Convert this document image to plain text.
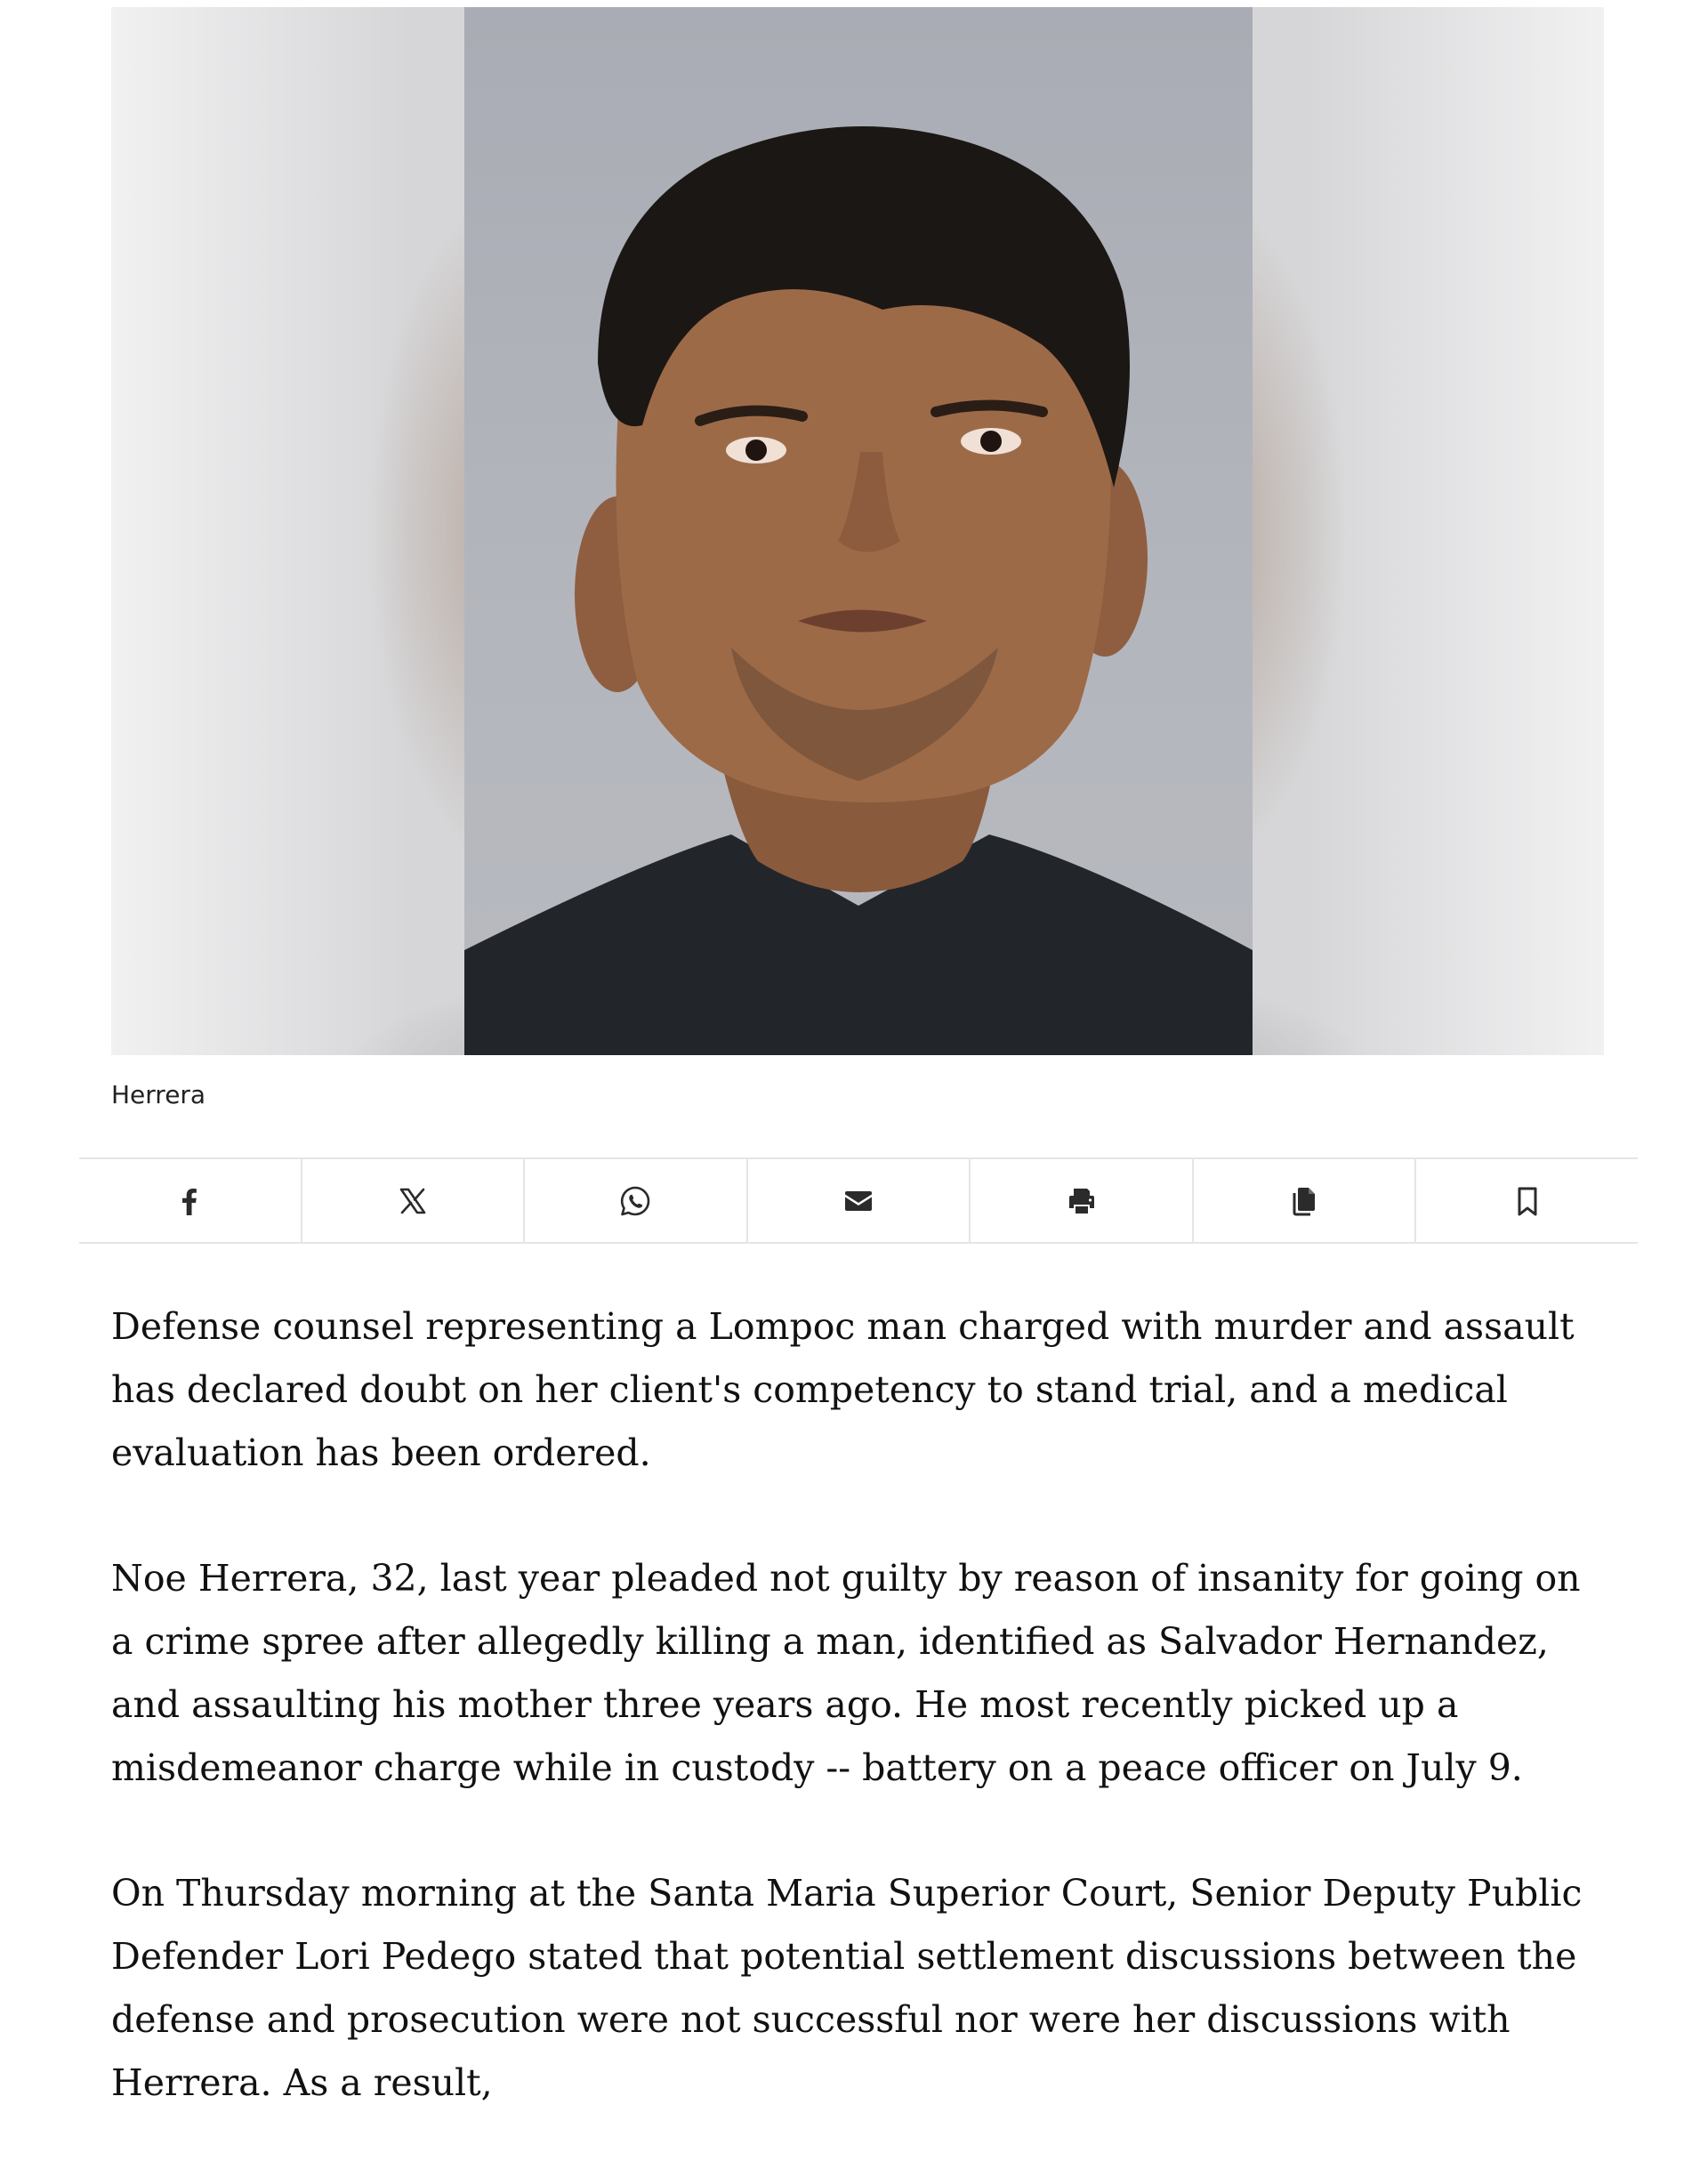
Herrera

Defense counsel representing a Lompoc man charged with murder and assault has declared doubt on her client's competency to stand trial, and a medical evaluation has been ordered.

Noe Herrera, 32, last year pleaded not guilty by reason of insanity for going on a crime spree after allegedly killing a man, identified as Salvador Hernandez, and assaulting his mother three years ago. He most recently picked up a misdemeanor charge while in custody -- battery on a peace officer on July 9.

On Thursday morning at the Santa Maria Superior Court, Senior Deputy Public Defender Lori Pedego stated that potential settlement discussions between the defense and prosecution were not successful nor were her discussions with Herrera. As a result,
